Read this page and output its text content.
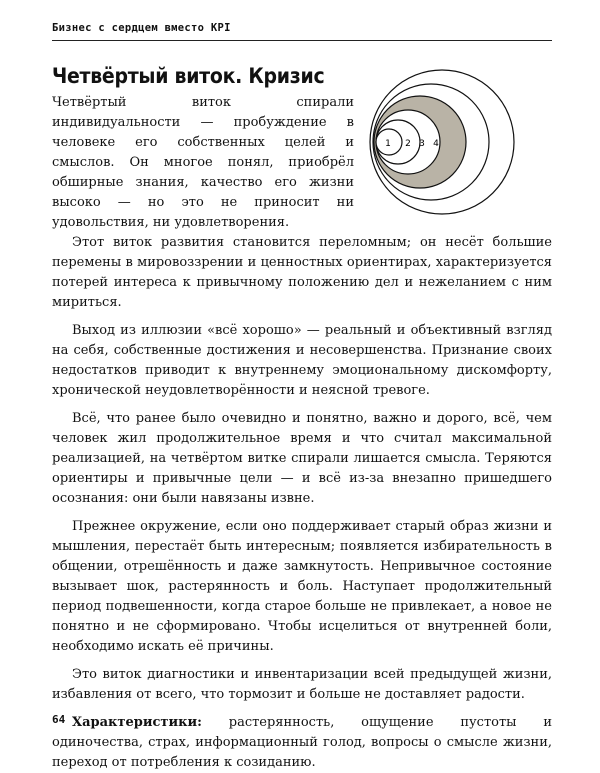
Бизнес с сердцем вместо KPI
Четвёртый виток. Кризис
1 2 3 4

Четвёртый виток спирали индивидуальности — пробуждение в человеке его собственных целей и смыслов. Он многое понял, приобрёл обширные знания, качество его жизни высоко — но это не приносит ни удовольствия, ни удовлетворения.

Этот виток развития становится переломным; он несёт большие перемены в мировоззрении и ценностных ориентирах, характеризуется потерей интереса к привычному положению дел и нежеланием с ним мириться.

Выход из иллюзии «всё хорошо» — реальный и объективный взгляд на себя, собственные достижения и несовершенства. Признание своих недостатков приводит к внутреннему эмоциональному дискомфорту, хронической неудовлетворённости и неясной тревоге.

Всё, что ранее было очевидно и понятно, важно и дорого, всё, чем человек жил продолжительное время и что считал максимальной реализацией, на четвёртом витке спирали лишается смысла. Теряются ориентиры и привычные цели — и всё из-за внезапно пришедшего осознания: они были навязаны извне.

Прежнее окружение, если оно поддерживает старый образ жизни и мышления, перестаёт быть интересным; появляется избирательность в общении, отрешённость и даже замкнутость. Непривычное состояние вызывает шок, растерянность и боль. Наступает продолжительный период подвешенности, когда старое больше не привлекает, а новое не понятно и не сформировано. Чтобы исцелиться от внутренней боли, необходимо искать её причины.

Это виток диагностики и инвентаризации всей предыдущей жизни, избавления от всего, что тормозит и больше не доставляет радости.

Характеристики: растерянность, ощущение пустоты и одиночества, страх, информационный голод, вопросы о смысле жизни, переход от потребления к созиданию.

64
